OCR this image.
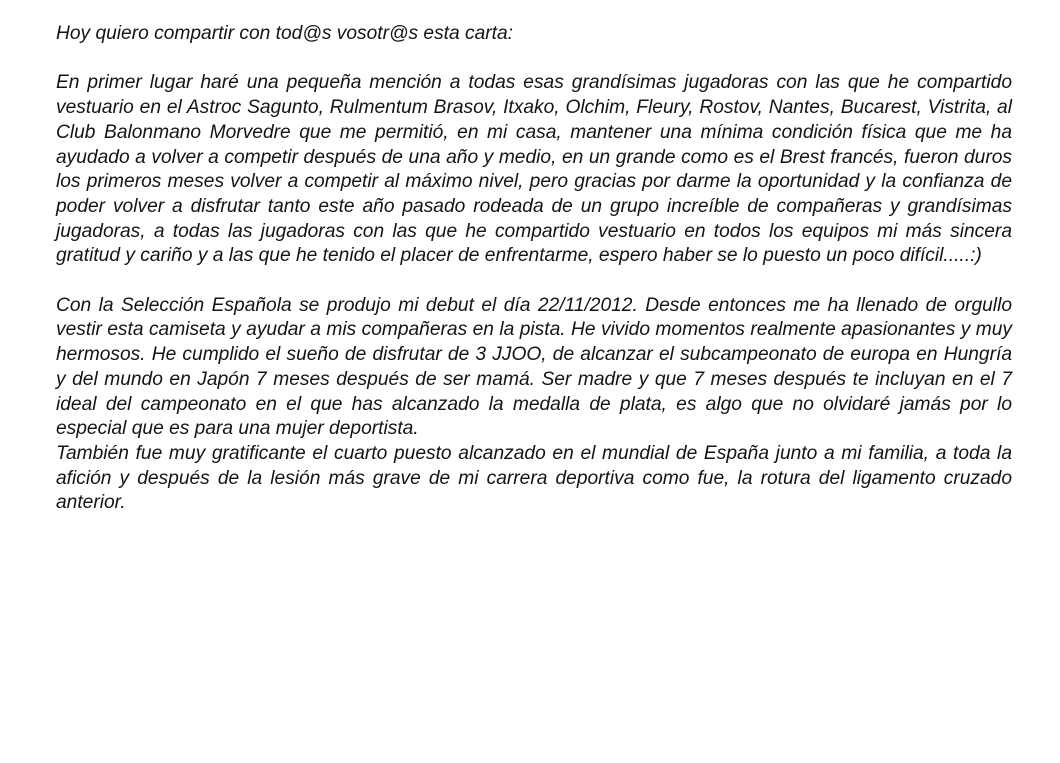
Hoy quiero compartir con tod@s vosotr@s esta carta:

En primer lugar haré una pequeña mención a todas esas grandísimas jugadoras con las que he compartido vestuario en el Astroc Sagunto, Rulmentum Brasov, Itxako, Olchim, Fleury, Rostov, Nantes, Bucarest, Vistrita, al Club Balonmano Morvedre que me permitió, en mi casa, mantener una mínima condición física que me ha ayudado a volver a competir después de una año y medio, en un grande como es el Brest francés, fueron duros los primeros meses volver a competir al máximo nivel, pero gracias por darme la oportunidad y la confianza de poder volver a disfrutar tanto este año pasado rodeada de un grupo increíble de compañeras y grandísimas jugadoras, a todas las jugadoras con las que he compartido vestuario en todos los equipos mi más sincera gratitud y cariño y a las que he tenido el placer de enfrentarme, espero haber se lo puesto un poco difícil.....:)

Con la Selección Española se produjo mi debut el día 22/11/2012. Desde entonces me ha llenado de orgullo vestir esta camiseta y ayudar a mis compañeras en la pista. He vivido momentos realmente apasionantes y muy hermosos. He cumplido el sueño de disfrutar de 3 JJOO, de alcanzar el subcampeonato de europa en Hungría y del mundo en Japón 7 meses después de ser mamá. Ser madre y que 7 meses después te incluyan en el 7 ideal del campeonato en el que has alcanzado la medalla de plata, es algo que no olvidaré jamás por lo especial que es para una mujer deportista.

También fue muy gratificante el cuarto puesto alcanzado en el mundial de España junto a mi familia, a toda la afición y después de la lesión más grave de mi carrera deportiva como fue, la rotura del ligamento cruzado anterior.
